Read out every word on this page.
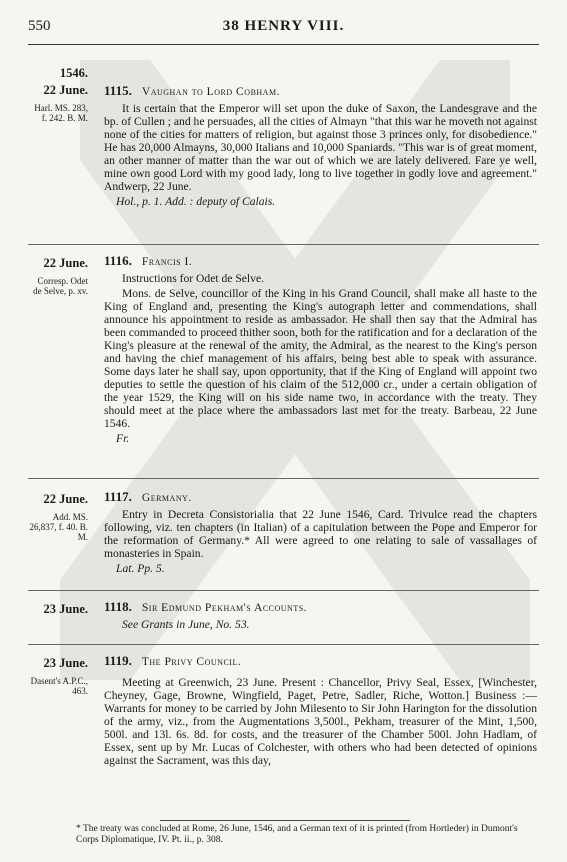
550	38 HENRY VIII.
1546.
22 June.
Harl. MS. 283, f. 242. B. M.
1115. Vaughan to Lord Cobham.

It is certain that the Emperor will set upon the duke of Saxon, the Landesgrave and the bp. of Cullen ; and he persuades, all the cities of Almayn "that this war he moveth not against none of the cities for matters of religion, but against those 3 princes only, for disobedience." He has 20,000 Almayns, 30,000 Italians and 10,000 Spaniards. "This war is of great moment, an other manner of matter than the war out of which we are lately delivered. Fare ye well, mine own good Lord with my good lady, long to live together in godly love and agreement." Andwerp, 22 June.

Hol., p. 1. Add. : deputy of Calais.

22 June.
Corresp. Odet de Selve, p. xv.
1116. Francis I.

Instructions for Odet de Selve.

Mons. de Selve, councillor of the King in his Grand Council, shall make all haste to the King of England and, presenting the King's autograph letter and commendations, shall announce his appointment to reside as ambassador. He shall then say that the Admiral has been commanded to proceed thither soon, both for the ratification and for a declaration of the King's pleasure at the renewal of the amity, the Admiral, as the nearest to the King's person and having the chief management of his affairs, being best able to speak with assurance. Some days later he shall say, upon opportunity, that if the King of England will appoint two deputies to settle the question of his claim of the 512,000 cr., under a certain obligation of the year 1529, the King will on his side name two, in accordance with the treaty. They should meet at the place where the ambassadors last met for the treaty. Barbeau, 22 June 1546.

Fr.

22 June.
Add. MS. 26,837, f. 40. B. M.
1117. Germany.

Entry in Decreta Consistorialia that 22 June 1546, Card. Trivulce read the chapters following, viz. ten chapters (in Italian) of a capitulation between the Pope and Emperor for the reformation of Germany.* All were agreed to one relating to sale of vassallages of monasteries in Spain.

Lat. Pp. 5.

23 June. 1118. Sir Edmund Pekham's Accounts.

See Grants in June, No. 53.

23 June.
Dasent's A.P.C., 463.
1119. The Privy Council.

Meeting at Greenwich, 23 June. Present : Chancellor, Privy Seal, Essex, [Winchester, Cheyney, Gage, Browne, Wingfield, Paget, Petre, Sadler, Riche, Wotton.] Business :—Warrants for money to be carried by John Milesento to Sir John Harington for the dissolution of the army, viz., from the Augmentations 3,500l., Pekham, treasurer of the Mint, 1,500, 500l. and 13l. 6s. 8d. for costs, and the treasurer of the Chamber 500l. John Hadlam, of Essex, sent up by Mr. Lucas of Colchester, with others who had been detected of opinions against the Sacrament, was this day,

* The treaty was concluded at Rome, 26 June, 1546, and a German text of it is printed (from Hortleder) in Dumont's Corps Diplomatique, IV. Pt. ii., p. 308.
